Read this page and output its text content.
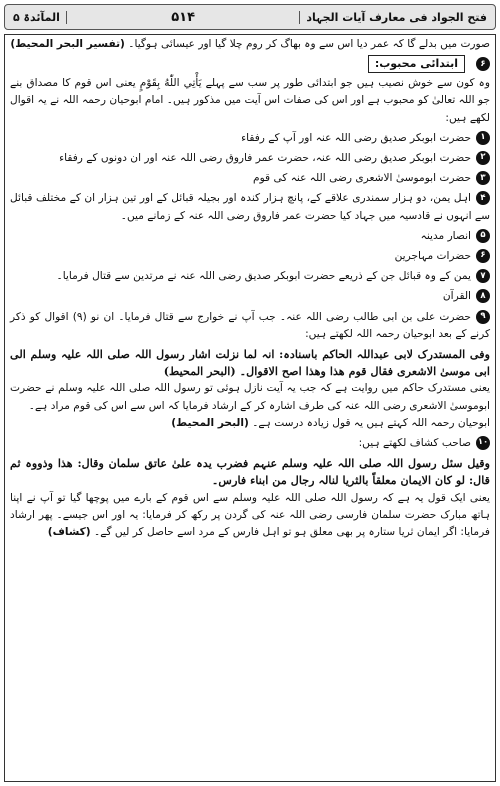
المآئدۃ ۵	۵۱۴	فتح الجواد فی معارف آیات الجہاد

صورت میں بدلے گا کہ عمر دیا اس سے وہ بھاگ کر روم چلا گیا اور عیسائی ہوگیا۔ (تفسیر البحر المحیط)

۶
ابتدائی محبوب:

وہ کون سے خوش نصیب ہیں جو ابتدائی طور پر سب سے پہلے يَأْتِي اللّٰهُ بِقَوْمٍ یعنی اس قوم کا مصداق بنے جو اللہ تعالیٰ کو محبوب ہے اور اس کی صفات اس آیت میں مذکور ہیں۔ امام ابوحیان رحمہ اللہ نے یہ اقوال لکھے ہیں:

۱حضرت ابوبکر صدیق رضی اللہ عنہ اور آپ کے رفقاء
۲حضرت ابوبکر صدیق رضی اللہ عنہ، حضرت عمر فاروق رضی اللہ عنہ اور ان دونوں کے رفقاء
۳حضرت ابوموسیٰ الاشعری رضی اللہ عنہ کی قوم
۴اہل یمن، دو ہزار سمندری علاقے کے، پانچ ہزار کندہ اور بجیلہ قبائل کے اور تین ہزار ان کے مختلف قبائل سے انہوں نے قادسیہ میں جہاد کیا حضرت عمر فاروق رضی اللہ عنہ کے زمانے میں۔
۵انصار مدینہ
۶حضرات مہاجرین
۷یمن کے وہ قبائل جن کے ذریعے حضرت ابوبکر صدیق رضی اللہ عنہ نے مرتدین سے قتال فرمایا۔
۸القرآن
۹حضرت علی بن ابی طالب رضی اللہ عنہ۔ جب آپ نے خوارج سے قتال فرمایا۔ ان نو (۹) اقوال کو ذکر کرنے کے بعد ابوحیان رحمہ اللہ لکھتے ہیں:

وفی المستدرک لابی عبداللہ الحاکم باسنادہ: انہ لما نزلت اشار رسول اللہ صلی اللہ علیہ وسلم الی ابی موسیٰ الاشعری فقال قوم ھذا وھذا اصح الاقوال۔ (البحر المحیط)

یعنی مستدرک حاکم میں روایت ہے کہ جب یہ آیت نازل ہوئی تو رسول اللہ صلی اللہ علیہ وسلم نے حضرت ابوموسیٰ الاشعری رضی اللہ عنہ کی طرف اشارہ کر کے ارشاد فرمایا کہ اس سے اس کی قوم مراد ہے۔

ابوحیان رحمہ اللہ کہتے ہیں یہ قول زیادہ درست ہے۔ (البحر المحیط)

۱۰صاحب کشاف لکھتے ہیں:

وقیل سئل رسول اللہ صلی اللہ علیہ وسلم عنہم فضرب یدہ علیٰ عاتق سلمان وقال: ھذا وذووہ ثم قال: لو کان الایمان معلقاً بالثریا لنالہ رجال من ابناء فارس۔

یعنی ایک قول یہ ہے کہ رسول اللہ صلی اللہ علیہ وسلم سے اس قوم کے بارے میں پوچھا گیا تو آپ نے اپنا ہاتھ مبارک حضرت سلمان فارسی رضی اللہ عنہ کی گردن پر رکھ کر فرمایا: یہ اور اس جیسے۔ پھر ارشاد فرمایا: اگر ایمان ثریا ستارہ پر بھی معلق ہو تو اہل فارس کے مرد اسے حاصل کر لیں گے۔ (کشاف)
